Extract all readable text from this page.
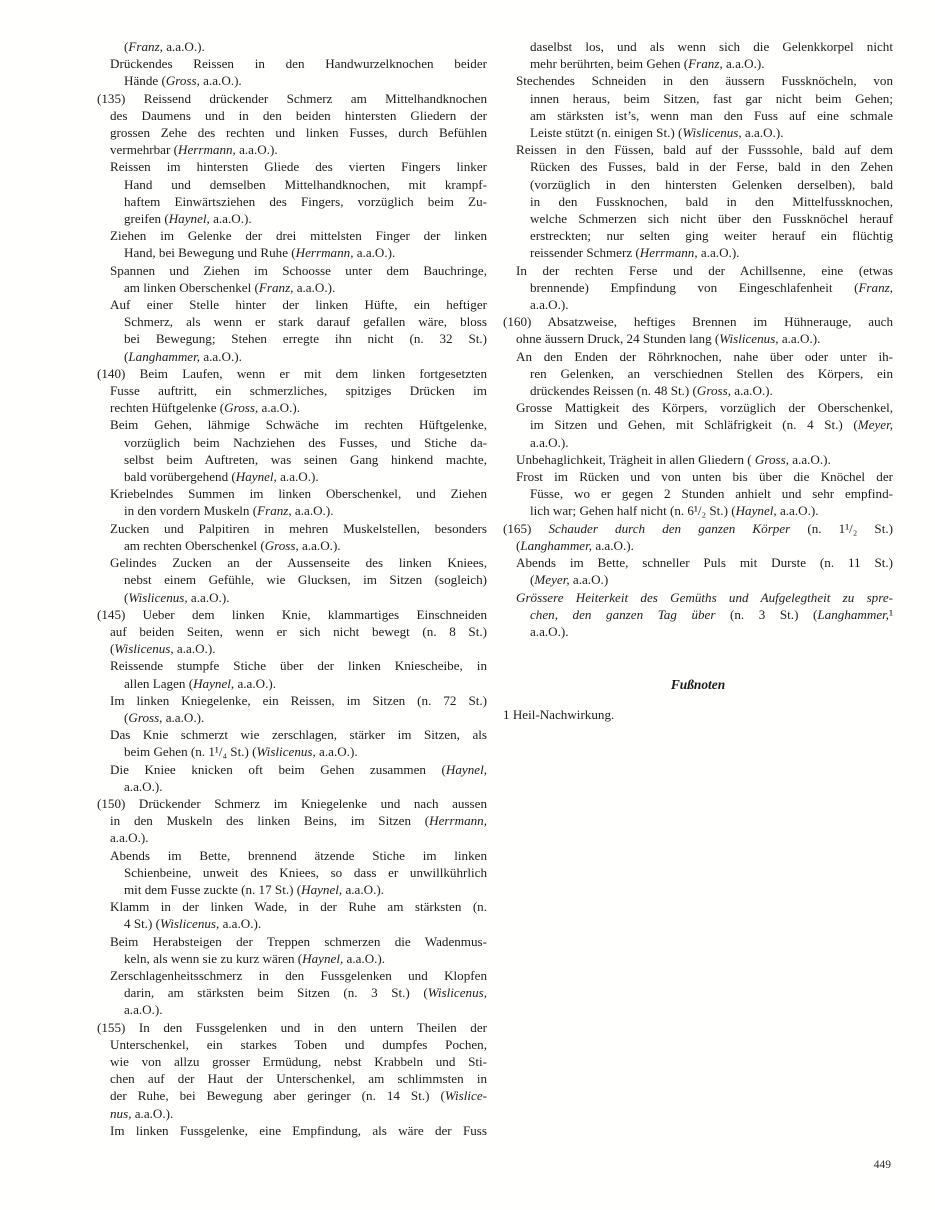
(Franz, a.a.O.).

Drückendes Reissen in den Handwurzelknochen beider
Hände (Gross, a.a.O.).

(135) Reissend drückender Schmerz am Mittelhandknochen
des Daumens und in den beiden hintersten Gliedern der
grossen Zehe des rechten und linken Fusses, durch Befühlen
vermehrbar (Herrmann, a.a.O.).

Reissen im hintersten Gliede des vierten Fingers linker
Hand und demselben Mittelhandknochen, mit krampf-
haftem Einwärtsziehen des Fingers, vorzüglich beim Zu-
greifen (Haynel, a.a.O.).

Ziehen im Gelenke der drei mittelsten Finger der linken
Hand, bei Bewegung und Ruhe (Herrmann, a.a.O.).

Spannen und Ziehen im Schoosse unter dem Bauchringe,
am linken Oberschenkel (Franz, a.a.O.).

Auf einer Stelle hinter der linken Hüfte, ein heftiger
Schmerz, als wenn er stark darauf gefallen wäre, bloss
bei Bewegung; Stehen erregte ihn nicht (n. 32 St.)
(Langhammer, a.a.O.).

(140) Beim Laufen, wenn er mit dem linken fortgesetzten
Fusse auftritt, ein schmerzliches, spitziges Drücken im
rechten Hüftgelenke (Gross, a.a.O.).

Beim Gehen, lähmige Schwäche im rechten Hüftgelenke,
vorzüglich beim Nachziehen des Fusses, und Stiche da-
selbst beim Auftreten, was seinen Gang hinkend machte,
bald vorübergehend (Haynel, a.a.O.).

Kriebelndes Summen im linken Oberschenkel, und Ziehen
in den vordern Muskeln (Franz, a.a.O.).

Zucken und Palpitiren in mehren Muskelstellen, besonders
am rechten Oberschenkel (Gross, a.a.O.).

Gelindes Zucken an der Aussenseite des linken Kniees,
nebst einem Gefühle, wie Glucksen, im Sitzen (sogleich)
(Wislicenus, a.a.O.).

(145) Ueber dem linken Knie, klammartiges Einschneiden
auf beiden Seiten, wenn er sich nicht bewegt (n. 8 St.)
(Wislicenus, a.a.O.).

Reissende stumpfe Stiche über der linken Kniescheibe, in
allen Lagen (Haynel, a.a.O.).

Im linken Kniegelenke, ein Reissen, im Sitzen (n. 72 St.)
(Gross, a.a.O.).

Das Knie schmerzt wie zerschlagen, stärker im Sitzen, als
beim Gehen (n. 1¹/₄ St.) (Wislicenus, a.a.O.).

Die Kniee knicken oft beim Gehen zusammen (Haynel,
a.a.O.).

(150) Drückender Schmerz im Kniegelenke und nach aussen
in den Muskeln des linken Beins, im Sitzen (Herrmann,
a.a.O.).

Abends im Bette, brennend ätzende Stiche im linken
Schienbeine, unweit des Kniees, so dass er unwillkührlich
mit dem Fusse zuckte (n. 17 St.) (Haynel, a.a.O.).

Klamm in der linken Wade, in der Ruhe am stärksten (n.
4 St.) (Wislicenus, a.a.O.).

Beim Herabsteigen der Treppen schmerzen die Wadenmus-
keln, als wenn sie zu kurz wären (Haynel, a.a.O.).

Zerschlagenheitsschmerz in den Fussgelenken und Klopfen
darin, am stärksten beim Sitzen (n. 3 St.) (Wislicenus,
a.a.O.).

(155) In den Fussgelenken und in den untern Theilen der
Unterschenkel, ein starkes Toben und dumpfes Pochen,
wie von allzu grosser Ermüdung, nebst Krabbeln und Sti-
chen auf der Haut der Unterschenkel, am schlimmsten in
der Ruhe, bei Bewegung aber geringer (n. 14 St.) (Wislice-
nus, a.a.O.).

Im linken Fussgelenke, eine Empfindung, als wäre der Fuss

daselbst los, und als wenn sich die Gelenkkorpel nicht
mehr berührten, beim Gehen (Franz, a.a.O.).

Stechendes Schneiden in den äussern Fussknöcheln, von
innen heraus, beim Sitzen, fast gar nicht beim Gehen;
am stärksten ist’s, wenn man den Fuss auf eine schmale
Leiste stützt (n. einigen St.) (Wislicenus, a.a.O.).

Reissen in den Füssen, bald auf der Fusssohle, bald auf dem
Rücken des Fusses, bald in der Ferse, bald in den Zehen
(vorzüglich in den hintersten Gelenken derselben), bald
in den Fussknochen, bald in den Mittelfussknochen,
welche Schmerzen sich nicht über den Fussknöchel herauf
erstreckten; nur selten ging weiter herauf ein flüchtig
reissender Schmerz (Herrmann, a.a.O.).

In der rechten Ferse und der Achillsenne, eine (etwas
brennende) Empfindung von Eingeschlafenheit (Franz,
a.a.O.).

(160) Absatzweise, heftiges Brennen im Hühnerauge, auch
ohne äussern Druck, 24 Stunden lang (Wislicenus, a.a.O.).

An den Enden der Röhrknochen, nahe über oder unter ih-
ren Gelenken, an verschiednen Stellen des Körpers, ein
drückendes Reissen (n. 48 St.) (Gross, a.a.O.).

Grosse Mattigkeit des Körpers, vorzüglich der Oberschenkel,
im Sitzen und Gehen, mit Schläfrigkeit (n. 4 St.) (Meyer,
a.a.O.).

Unbehaglichkeit, Trägheit in allen Gliedern ( Gross, a.a.O.).

Frost im Rücken und von unten bis über die Knöchel der
Füsse, wo er gegen 2 Stunden anhielt und sehr empfind-
lich war; Gehen half nicht (n. 6¹/₂ St.) (Haynel, a.a.O.).

(165) Schauder durch den ganzen Körper (n. 1¹/₂ St.)
(Langhammer, a.a.O.).

Abends im Bette, schneller Puls mit Durste (n. 11 St.)
(Meyer, a.a.O.)

Grössere Heiterkeit des Gemüths und Aufgelegtheit zu spre-
chen, den ganzen Tag über (n. 3 St.) (Langhammer,¹
a.a.O.).

Fußnoten
1 Heil-Nachwirkung.
449
